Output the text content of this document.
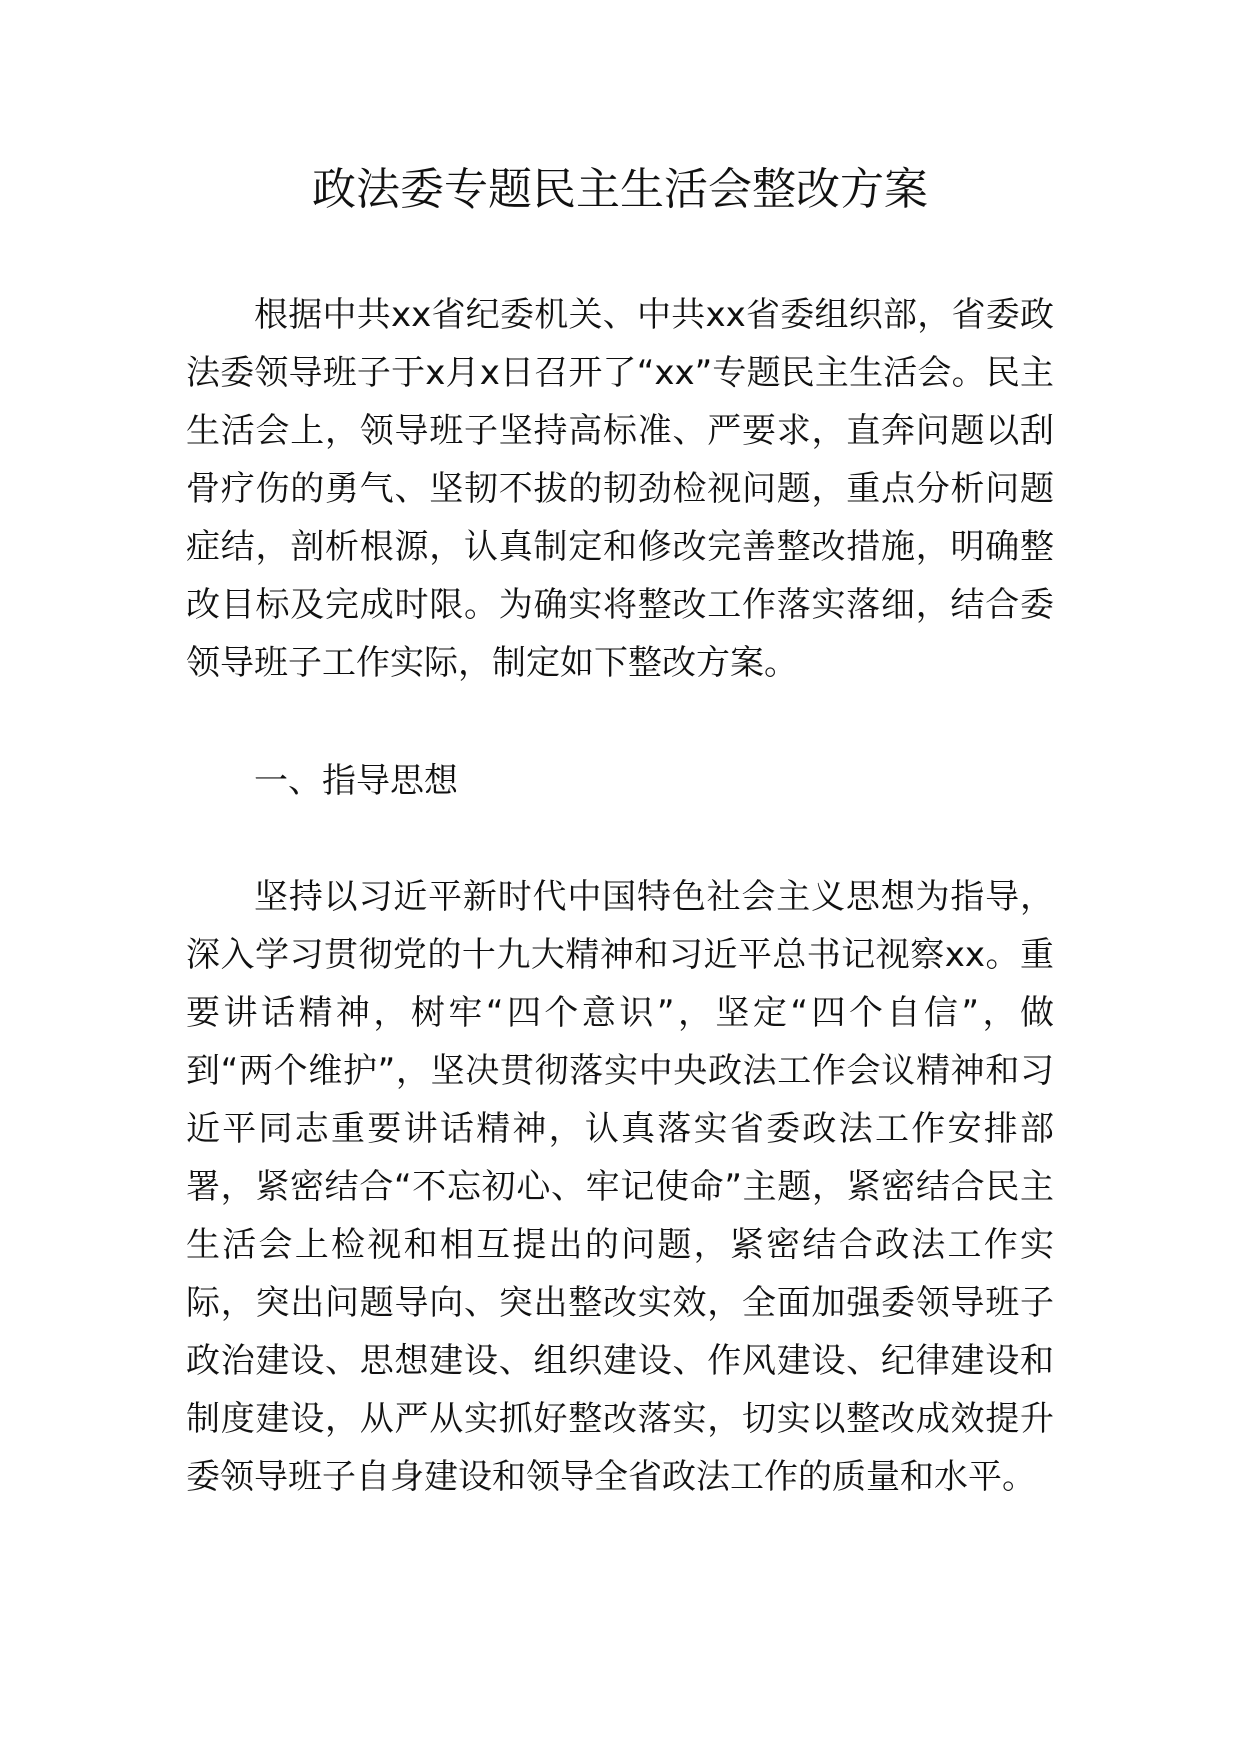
政法委专题民主生活会整改方案

根据中共xx省纪委机关、中共xx省委组织部，省委政法委领导班子于x月x日召开了“xx”专题民主生活会。民主生活会上，领导班子坚持高标准、严要求，直奔问题以刮骨疗伤的勇气、坚韧不拔的韧劲检视问题，重点分析问题症结，剖析根源，认真制定和修改完善整改措施，明确整改目标及完成时限。为确实将整改工作落实落细，结合委领导班子工作实际，制定如下整改方案。

一、指导思想

坚持以习近平新时代中国特色社会主义思想为指导，深入学习贯彻党的十九大精神和习近平总书记视察xx。重要讲话精神，树牢“四个意识”，坚定“四个自信”，做到“两个维护”，坚决贯彻落实中央政法工作会议精神和习近平同志重要讲话精神，认真落实省委政法工作安排部署，紧密结合“不忘初心、牢记使命”主题，紧密结合民主生活会上检视和相互提出的问题，紧密结合政法工作实际，突出问题导向、突出整改实效，全面加强委领导班子政治建设、思想建设、组织建设、作风建设、纪律建设和制度建设，从严从实抓好整改落实，切实以整改成效提升委领导班子自身建设和领导全省政法工作的质量和水平。
